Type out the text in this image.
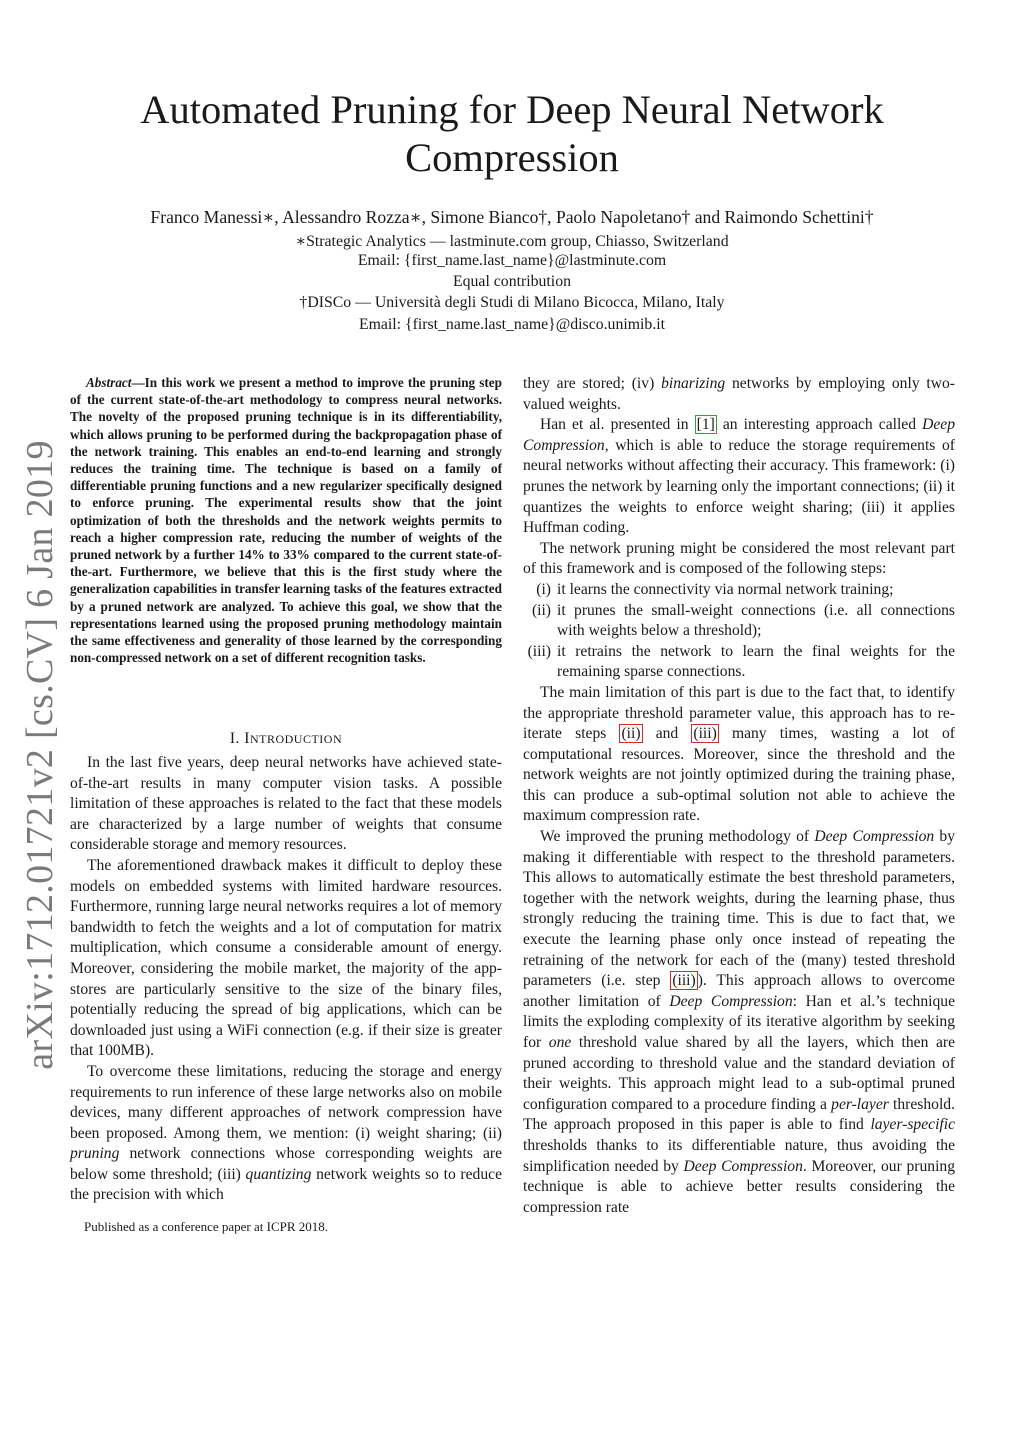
arXiv:1712.01721v2 [cs.CV] 6 Jan 2019
Automated Pruning for Deep Neural Network Compression
Franco Manessi∗, Alessandro Rozza∗, Simone Bianco†, Paolo Napoletano† and Raimondo Schettini†
∗Strategic Analytics — lastminute.com group, Chiasso, Switzerland
Email: {first_name.last_name}@lastminute.com
Equal contribution
†DISCo — Università degli Studi di Milano Bicocca, Milano, Italy
Email: {first_name.last_name}@disco.unimib.it

Abstract—In this work we present a method to improve the pruning step of the current state-of-the-art methodology to compress neural networks. The novelty of the proposed pruning technique is in its differentiability, which allows pruning to be performed during the backpropagation phase of the network training. This enables an end-to-end learning and strongly reduces the training time. The technique is based on a family of differentiable pruning functions and a new regularizer specifically designed to enforce pruning. The experimental results show that the joint optimization of both the thresholds and the network weights permits to reach a higher compression rate, reducing the number of weights of the pruned network by a further 14% to 33% compared to the current state-of-the-art. Furthermore, we believe that this is the first study where the generalization capabilities in transfer learning tasks of the features extracted by a pruned network are analyzed. To achieve this goal, we show that the representations learned using the proposed pruning methodology maintain the same effectiveness and generality of those learned by the corresponding non-compressed network on a set of different recognition tasks.

I. INTRODUCTION

In the last five years, deep neural networks have achieved state-of-the-art results in many computer vision tasks. A possible limitation of these approaches is related to the fact that these models are characterized by a large number of weights that consume considerable storage and memory resources.

The aforementioned drawback makes it difficult to deploy these models on embedded systems with limited hardware resources. Furthermore, running large neural networks requires a lot of memory bandwidth to fetch the weights and a lot of computation for matrix multiplication, which consume a considerable amount of energy. Moreover, considering the mobile market, the majority of the app-stores are particularly sensitive to the size of the binary files, potentially reducing the spread of big applications, which can be downloaded just using a WiFi connection (e.g. if their size is greater that 100MB).

To overcome these limitations, reducing the storage and energy requirements to run inference of these large networks also on mobile devices, many different approaches of network compression have been proposed. Among them, we mention: (i) weight sharing; (ii) pruning network connections whose corresponding weights are below some threshold; (iii) quantizing network weights so to reduce the precision with which

Published as a conference paper at ICPR 2018.

they are stored; (iv) binarizing networks by employing only two-valued weights.

Han et al. presented in [1] an interesting approach called Deep Compression, which is able to reduce the storage requirements of neural networks without affecting their accuracy. This framework: (i) prunes the network by learning only the important connections; (ii) it quantizes the weights to enforce weight sharing; (iii) it applies Huffman coding.

The network pruning might be considered the most relevant part of this framework and is composed of the following steps:

(i) it learns the connectivity via normal network training;
(ii) it prunes the small-weight connections (i.e. all connections with weights below a threshold);
(iii) it retrains the network to learn the final weights for the remaining sparse connections.

The main limitation of this part is due to the fact that, to identify the appropriate threshold parameter value, this approach has to re-iterate steps (ii) and (iii) many times, wasting a lot of computational resources. Moreover, since the threshold and the network weights are not jointly optimized during the training phase, this can produce a sub-optimal solution not able to achieve the maximum compression rate.

We improved the pruning methodology of Deep Compression by making it differentiable with respect to the threshold parameters. This allows to automatically estimate the best threshold parameters, together with the network weights, during the learning phase, thus strongly reducing the training time. This is due to fact that, we execute the learning phase only once instead of repeating the retraining of the network for each of the (many) tested threshold parameters (i.e. step (iii) ). This approach allows to overcome another limitation of Deep Compression: Han et al.’s technique limits the exploding complexity of its iterative algorithm by seeking for one threshold value shared by all the layers, which then are pruned according to threshold value and the standard deviation of their weights. This approach might lead to a sub-optimal pruned configuration compared to a procedure finding a per-layer threshold. The approach proposed in this paper is able to find layer-specific thresholds thanks to its differentiable nature, thus avoiding the simplification needed by Deep Compression. Moreover, our pruning technique is able to achieve better results considering the compression rate
